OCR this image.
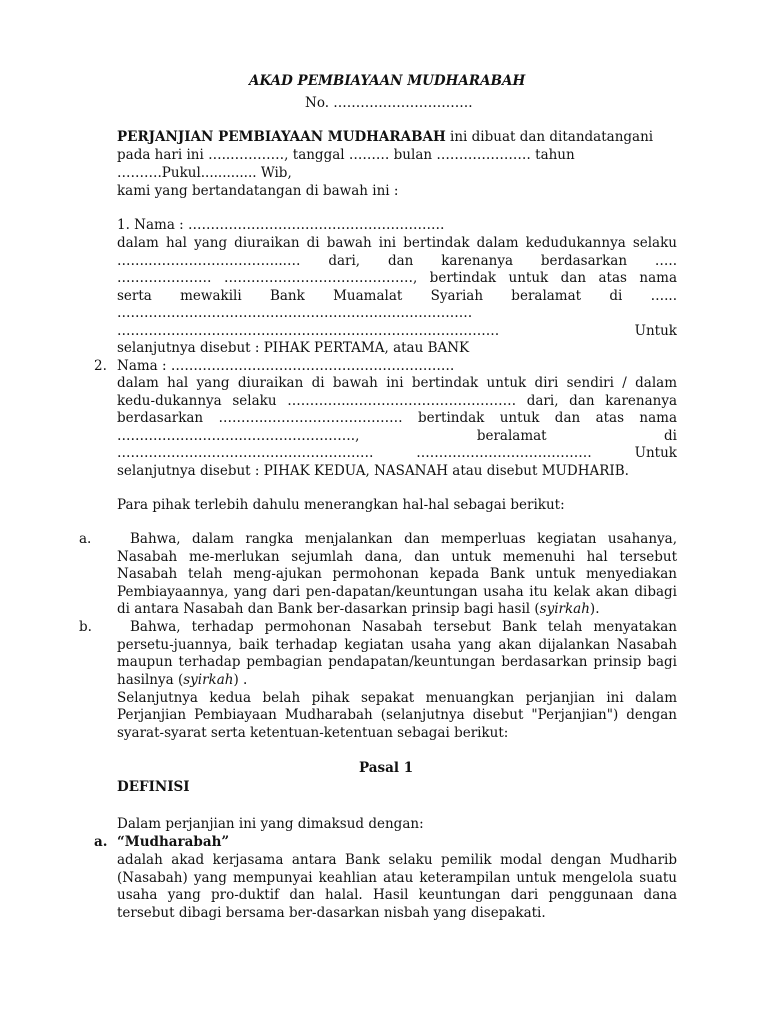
AKAD PEMBIAYAAN MUDHARABAH
No. ………………………….
PERJANJIAN PEMBIAYAAN MUDHARABAH ini dibuat dan ditandatangani
pada hari ini …..…………, tanggal ……… bulan ………………… tahun
……….Pukul............. Wib,
kami yang bertandatangan di bawah ini :
1. Nama : …………………………………………………
dalam hal yang diuraikan di bawah ini bertindak dalam kedudukannya selaku
……..………………………...… dari, dan karenanya berdasarkan …..
………………… ……………………………………, bertindak untuk dan atas nama
serta mewakili Bank Muamalat Syariah beralamat di …...
……………………………………………………….……………
…………………………………………………………….…………… Untuk
selanjutnya disebut : PIHAK PERTAMA, atau BANK
2. Nama : ………………………………………………………
dalam hal yang diuraikan di bawah ini bertindak untuk diri sendiri / dalam
kedu-dukannya selaku …………...……………………………… dari, dan karenanya
berdasarkan ………..………………………… bertindak untuk dan atas nama
……………………….……………………., beralamat di
………………………………………………… ………………………………… Untuk
selanjutnya disebut : PIHAK KEDUA, NASANAH atau disebut MUDHARIB.
Para pihak terlebih dahulu menerangkan hal-hal sebagai berikut:
a.	Bahwa, dalam rangka menjalankan dan memperluas kegiatan usahanya,
Nasabah me-merlukan sejumlah dana, dan untuk memenuhi hal tersebut
Nasabah telah meng-ajukan permohonan kepada Bank untuk menyediakan
Pembiayaannya, yang dari pen-dapatan/keuntungan usaha itu kelak akan dibagi
di antara Nasabah dan Bank ber-dasarkan prinsip bagi hasil (syirkah).
b.	Bahwa, terhadap permohonan Nasabah tersebut Bank telah menyatakan
persetu-juannya, baik terhadap kegiatan usaha yang akan dijalankan Nasabah
maupun terhadap pembagian pendapatan/keuntungan berdasarkan prinsip bagi
hasilnya (syirkah) .
Selanjutnya kedua belah pihak sepakat menuangkan perjanjian ini dalam
Perjanjian Pembiayaan Mudharabah (selanjutnya disebut "Perjanjian") dengan
syarat-syarat serta ketentuan-ketentuan sebagai berikut:
Pasal 1
DEFINISI
Dalam perjanjian ini yang dimaksud dengan:
a. “Mudharabah”
adalah akad kerjasama antara Bank selaku pemilik modal dengan Mudharib
(Nasabah) yang mempunyai keahlian atau keterampilan untuk mengelola suatu
usaha yang pro-duktif dan halal. Hasil keuntungan dari penggunaan dana
tersebut dibagi bersama ber-dasarkan nisbah yang disepakati.
